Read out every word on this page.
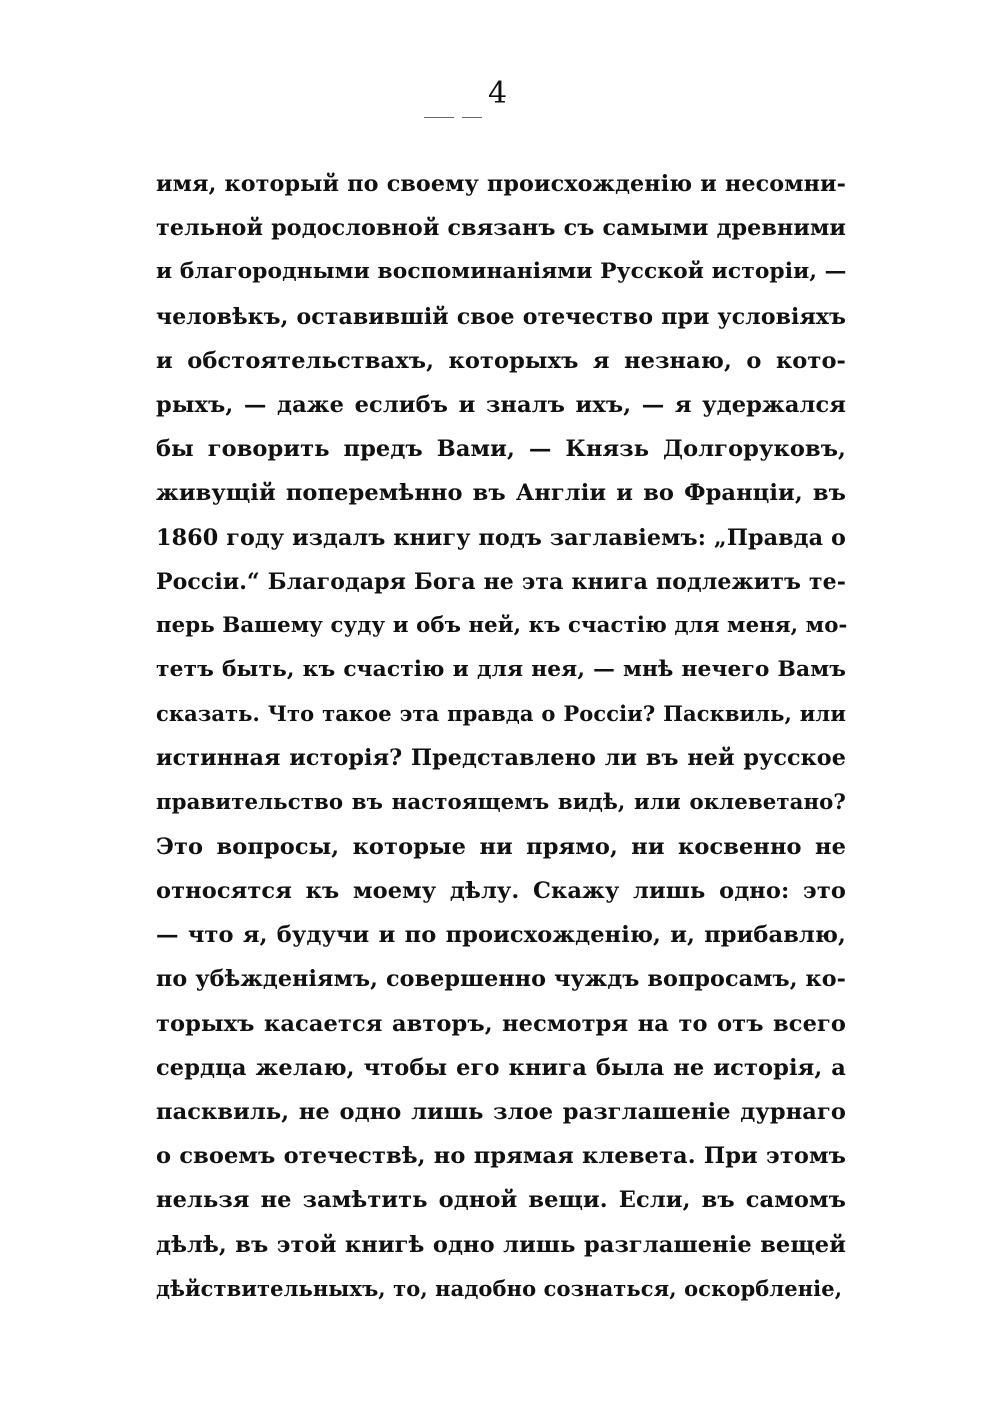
4
имя, который по своему происхожденію и несомни-
тельной родословной связанъ съ самыми древними
и благородными воспоминаніями Русской исторіи, —
человѣкъ, оставившій свое отечество при условіяхъ
и обстоятельствахъ, которыхъ я незнаю, о кото-
рыхъ, — даже еслибъ и зналъ ихъ, — я удержался
бы говорить предъ Вами, — Князь Долгоруковъ,
живущій поперемѣнно въ Англіи и во Франціи, въ
1860 году издалъ книгу подъ заглавіемъ: „Правда о
Россіи.“ Благодаря Бога не эта книга подлежитъ те-
перь Вашему суду и объ ней, къ счастію для меня, мо-
тетъ быть, къ счастію и для нея, — мнѣ нечего Вамъ
сказать. Что такое эта правда о Россіи? Пасквиль, или
истинная исторія? Представлено ли въ ней русское
правительство въ настоящемъ видѣ, или оклеветано?
Это вопросы, которые ни прямо, ни косвенно не
относятся къ моему дѣлу. Скажу лишь одно: это
— что я, будучи и по происхожденію, и, прибавлю,
по убѣжденіямъ, совершенно чуждъ вопросамъ, ко-
торыхъ касается авторъ, несмотря на то отъ всего
сердца желаю, чтобы его книга была не исторія, а
пасквиль, не одно лишь злое разглашеніе дурнаго
о своемъ отечествѣ, но прямая клевета. При этомъ
нельзя не замѣтить одной вещи. Если, въ самомъ
дѣлѣ, въ этой книгѣ одно лишь разглашеніе вещей
дѣйствительныхъ, то, надобно сознаться, оскорбленіе,
